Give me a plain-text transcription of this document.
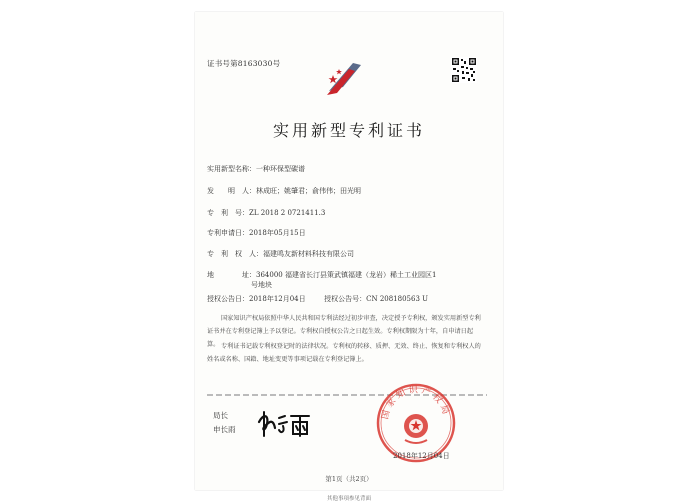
证书号第8163030号
实用新型专利证书
实用新型名称：一种环保型碳谱
发　　明　人：林成旺；姚肇君；俞伟伟；田光明
专　利　号：ZL 2018 2 0721411.3
专利申请日：2018年05月15日
专　利　权　人：福建鸣友新材料科技有限公司
地　　　　址：364000 福建省长汀县策武镇福建（龙岩）稀土工业园区1
号地块
授权公告日：2018年12月04日	授权公告号：CN 208180563 U
国家知识产权局依照中华人民共和国专利法经过初步审查，决定授予专利权，颁发实用新型专利证书并在专利登记簿上予以登记。专利权自授权公告之日起生效。专利权期限为十年，自申请日起算。 专利证书记载专利权登记时的法律状况。专利权的转移、质押、无效、终止、恢复和专利权人的姓名或名称、国籍、地址变更等事项记载在专利登记簿上。
局长
申长雨
国家知识产权局
2018年12月04日
第1页（共2页）
其他事项参见背面
